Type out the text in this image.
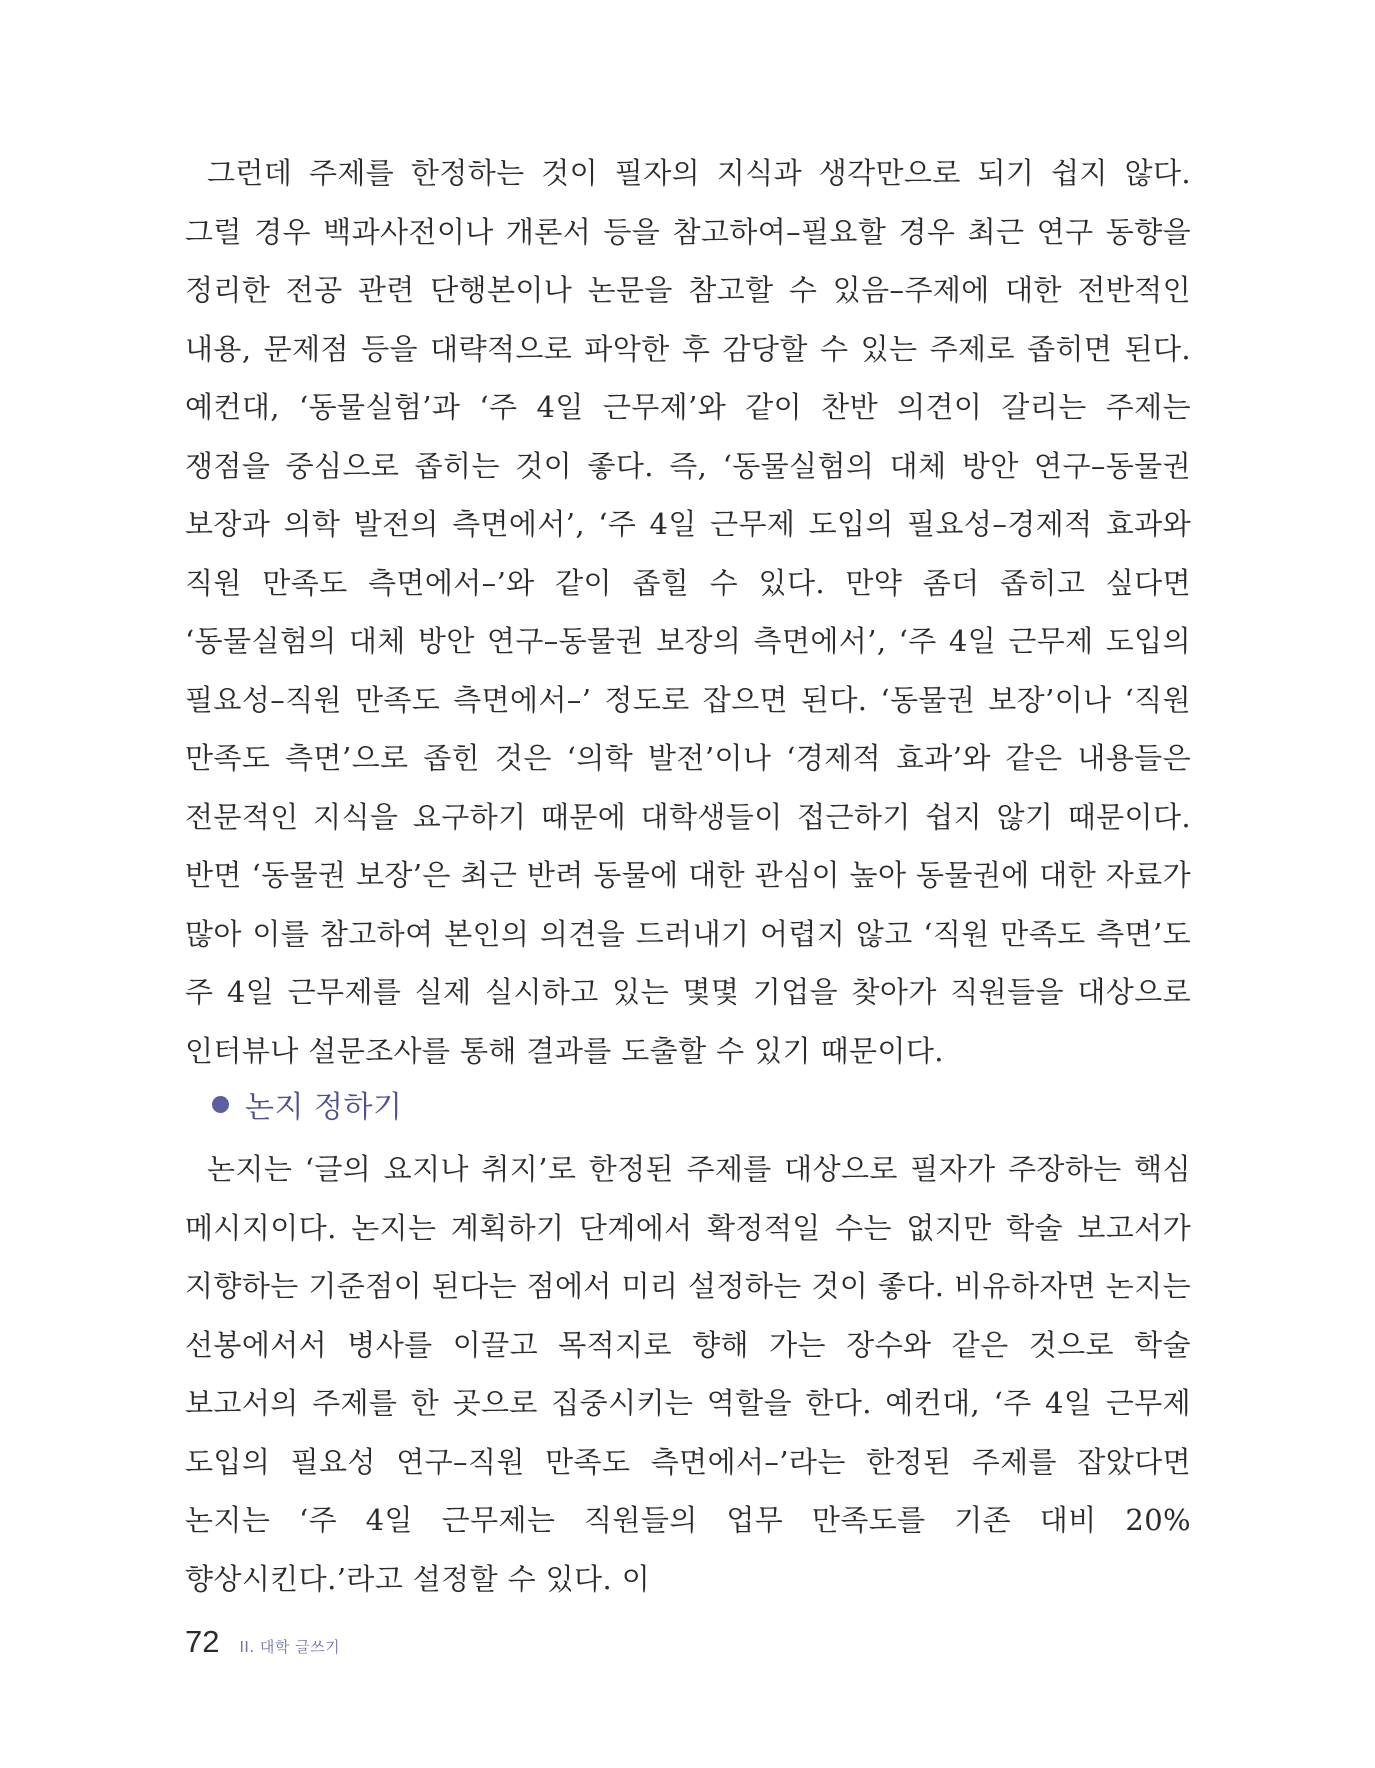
그런데 주제를 한정하는 것이 필자의 지식과 생각만으로 되기 쉽지 않다. 그럴 경우 백과사전이나 개론서 등을 참고하여–필요할 경우 최근 연구 동향을 정리한 전공 관련 단행본이나 논문을 참고할 수 있음–주제에 대한 전반적인 내용, 문제점 등을 대략적으로 파악한 후 감당할 수 있는 주제로 좁히면 된다. 예컨대, ‘동물실험’과 ‘주 4일 근무제’와 같이 찬반 의견이 갈리는 주제는 쟁점을 중심으로 좁히는 것이 좋다. 즉, ‘동물실험의 대체 방안 연구–동물권 보장과 의학 발전의 측면에서’, ‘주 4일 근무제 도입의 필요성–경제적 효과와 직원 만족도 측면에서–’와 같이 좁힐 수 있다. 만약 좀더 좁히고 싶다면 ‘동물실험의 대체 방안 연구–동물권 보장의 측면에서’, ‘주 4일 근무제 도입의 필요성–직원 만족도 측면에서–’ 정도로 잡으면 된다. ‘동물권 보장’이나 ‘직원 만족도 측면’으로 좁힌 것은 ‘의학 발전’이나 ‘경제적 효과’와 같은 내용들은 전문적인 지식을 요구하기 때문에 대학생들이 접근하기 쉽지 않기 때문이다. 반면 ‘동물권 보장’은 최근 반려 동물에 대한 관심이 높아 동물권에 대한 자료가 많아 이를 참고하여 본인의 의견을 드러내기 어렵지 않고 ‘직원 만족도 측면’도 주 4일 근무제를 실제 실시하고 있는 몇몇 기업을 찾아가 직원들을 대상으로 인터뷰나 설문조사를 통해 결과를 도출할 수 있기 때문이다.

논지 정하기

논지는 ‘글의 요지나 취지’로 한정된 주제를 대상으로 필자가 주장하는 핵심 메시지이다. 논지는 계획하기 단계에서 확정적일 수는 없지만 학술 보고서가 지향하는 기준점이 된다는 점에서 미리 설정하는 것이 좋다. 비유하자면 논지는 선봉에서서 병사를 이끌고 목적지로 향해 가는 장수와 같은 것으로 학술 보고서의 주제를 한 곳으로 집중시키는 역할을 한다. 예컨대, ‘주 4일 근무제 도입의 필요성 연구–직원 만족도 측면에서–’라는 한정된 주제를 잡았다면 논지는 ‘주 4일 근무제는 직원들의 업무 만족도를 기존 대비 20% 향상시킨다.’라고 설정할 수 있다. 이

72 II. 대학 글쓰기
